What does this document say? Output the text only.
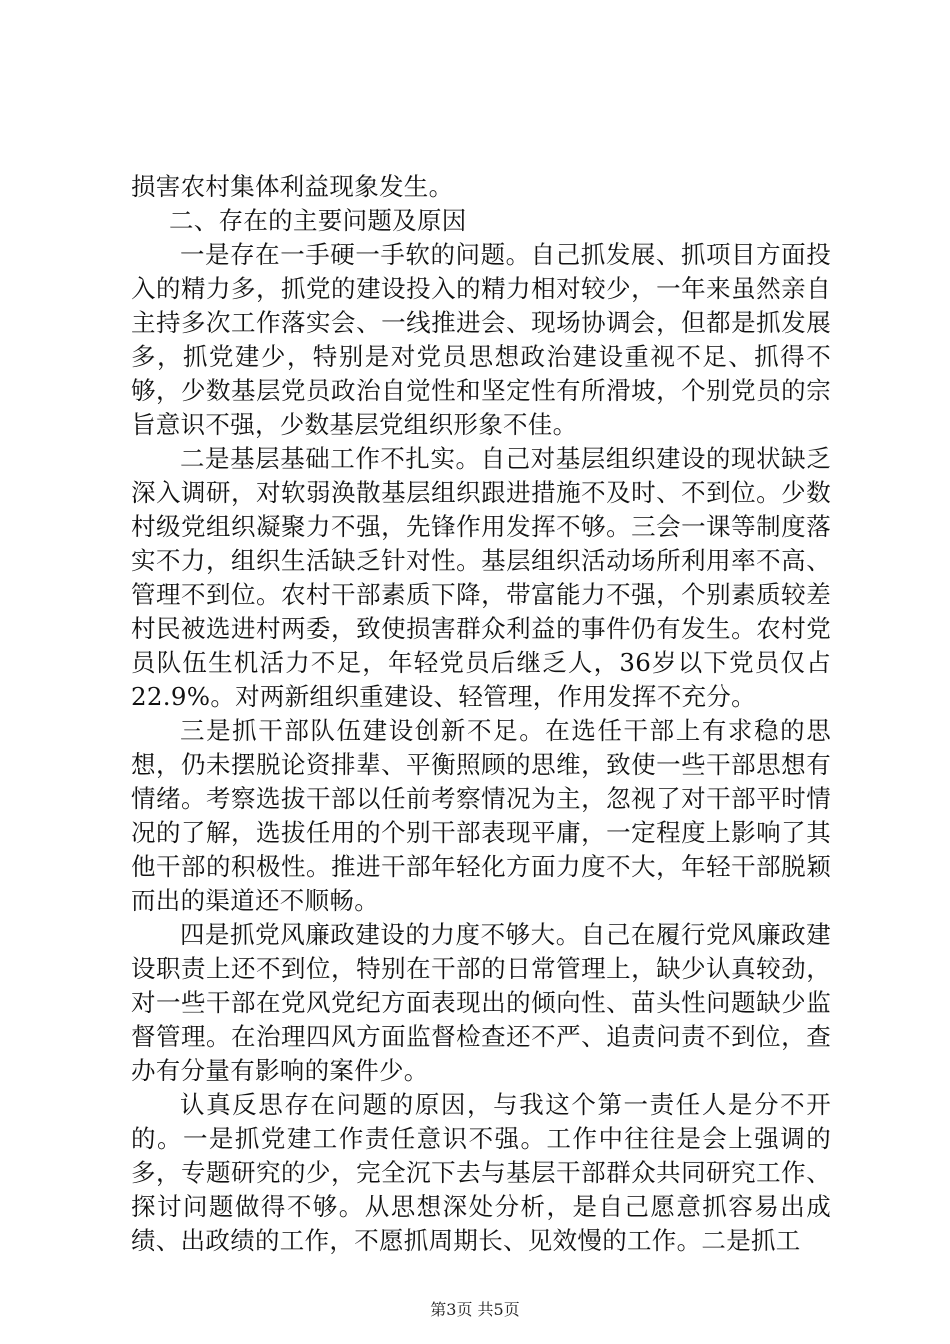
损害农村集体利益现象发生。

二、存在的主要问题及原因

一是存在一手硬一手软的问题。自己抓发展、抓项目方面投入的精力多，抓党的建设投入的精力相对较少，一年来虽然亲自主持多次工作落实会、一线推进会、现场协调会，但都是抓发展多，抓党建少，特别是对党员思想政治建设重视不足、抓得不够，少数基层党员政治自觉性和坚定性有所滑坡，个别党员的宗旨意识不强，少数基层党组织形象不佳。

二是基层基础工作不扎实。自己对基层组织建设的现状缺乏深入调研，对软弱涣散基层组织跟进措施不及时、不到位。少数村级党组织凝聚力不强，先锋作用发挥不够。三会一课等制度落实不力，组织生活缺乏针对性。基层组织活动场所利用率不高、管理不到位。农村干部素质下降，带富能力不强，个别素质较差村民被选进村两委，致使损害群众利益的事件仍有发生。农村党员队伍生机活力不足，年轻党员后继乏人，36岁以下党员仅占22.9%。对两新组织重建设、轻管理，作用发挥不充分。

三是抓干部队伍建设创新不足。在选任干部上有求稳的思想，仍未摆脱论资排辈、平衡照顾的思维，致使一些干部思想有情绪。考察选拔干部以任前考察情况为主，忽视了对干部平时情况的了解，选拔任用的个别干部表现平庸，一定程度上影响了其他干部的积极性。推进干部年轻化方面力度不大，年轻干部脱颖而出的渠道还不顺畅。

四是抓党风廉政建设的力度不够大。自己在履行党风廉政建设职责上还不到位，特别在干部的日常管理上，缺少认真较劲，对一些干部在党风党纪方面表现出的倾向性、苗头性问题缺少监督管理。在治理四风方面监督检查还不严、追责问责不到位，查办有分量有影响的案件少。

认真反思存在问题的原因，与我这个第一责任人是分不开的。一是抓党建工作责任意识不强。工作中往往是会上强调的多，专题研究的少，完全沉下去与基层干部群众共同研究工作、探讨问题做得不够。从思想深处分析，是自己愿意抓容易出成绩、出政绩的工作，不愿抓周期长、见效慢的工作。二是抓工

第3页 共5页
